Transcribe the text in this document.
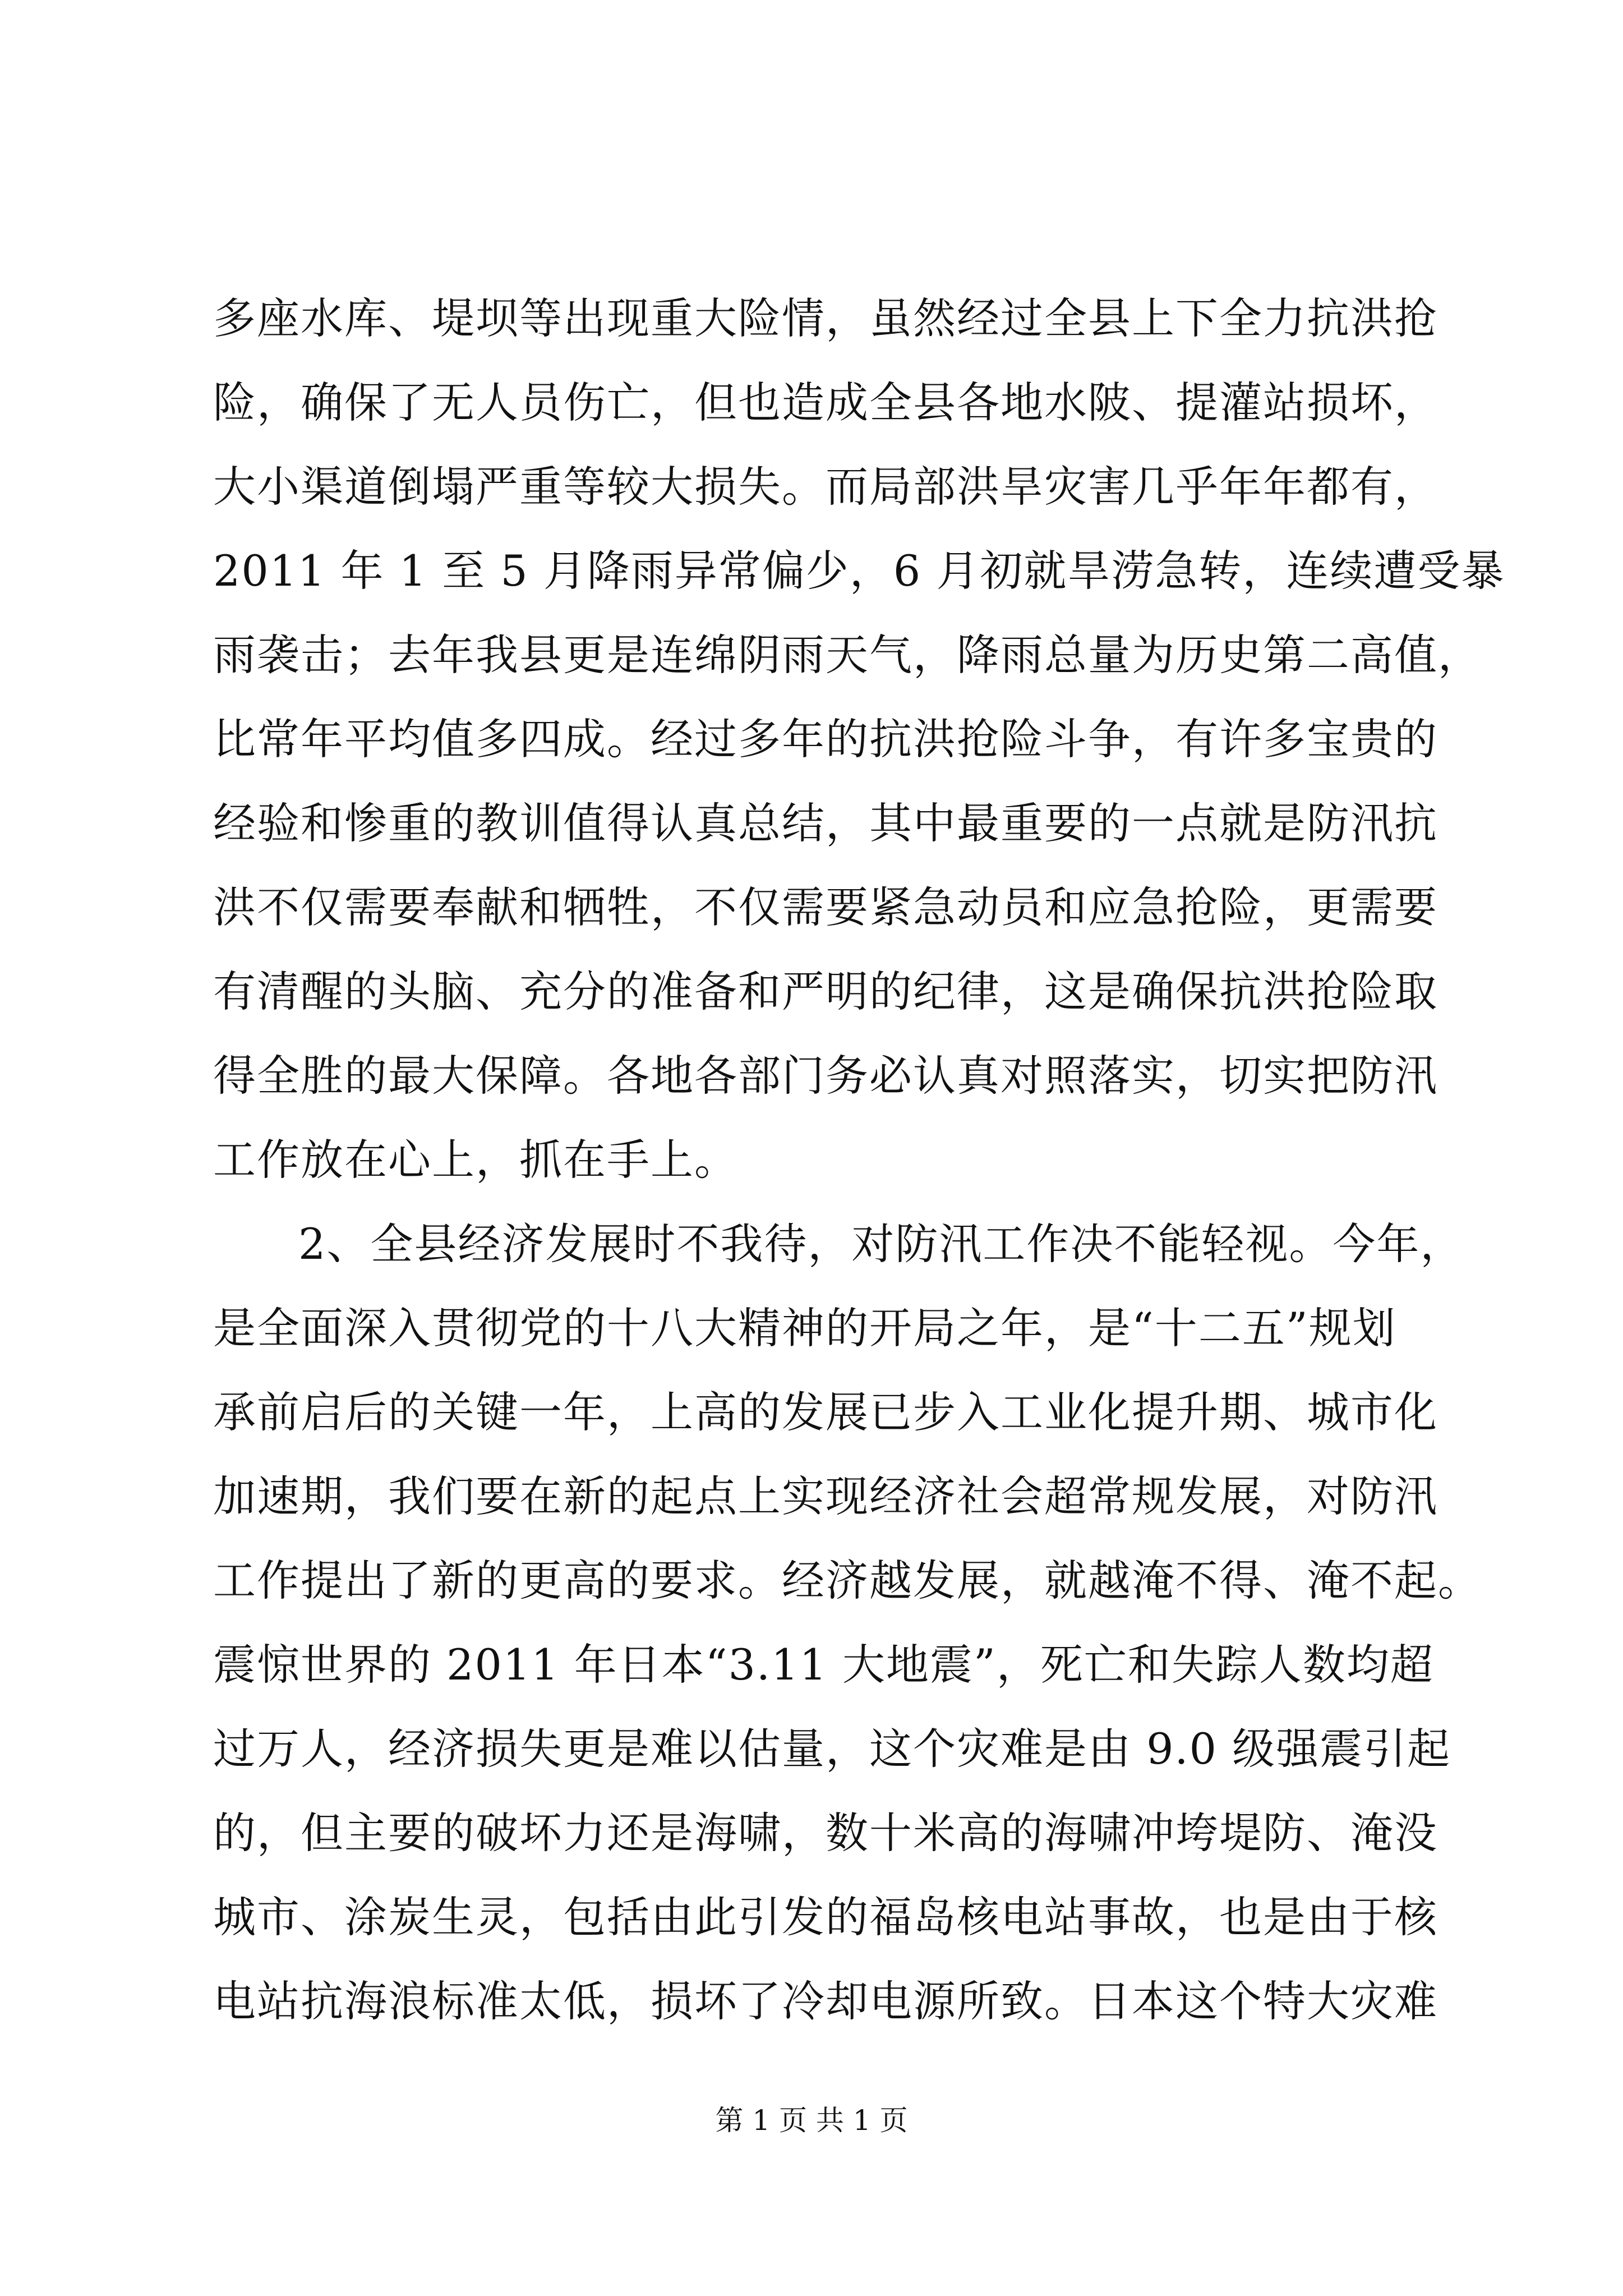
多座水库、堤坝等出现重大险情，虽然经过全县上下全力抗洪抢
险，确保了无人员伤亡，但也造成全县各地水陂、提灌站损坏，
大小渠道倒塌严重等较大损失。而局部洪旱灾害几乎年年都有，
2011 年 1 至 5 月降雨异常偏少，6 月初就旱涝急转，连续遭受暴
雨袭击；去年我县更是连绵阴雨天气，降雨总量为历史第二高值，
比常年平均值多四成。经过多年的抗洪抢险斗争，有许多宝贵的
经验和惨重的教训值得认真总结，其中最重要的一点就是防汛抗
洪不仅需要奉献和牺牲，不仅需要紧急动员和应急抢险，更需要
有清醒的头脑、充分的准备和严明的纪律，这是确保抗洪抢险取
得全胜的最大保障。各地各部门务必认真对照落实，切实把防汛
工作放在心上，抓在手上。
2、全县经济发展时不我待，对防汛工作决不能轻视。今年，
是全面深入贯彻党的十八大精神的开局之年，是“十二五”规划
承前启后的关键一年，上高的发展已步入工业化提升期、城市化
加速期，我们要在新的起点上实现经济社会超常规发展，对防汛
工作提出了新的更高的要求。经济越发展，就越淹不得、淹不起。
震惊世界的 2011 年日本“3.11 大地震”，死亡和失踪人数均超
过万人，经济损失更是难以估量，这个灾难是由 9.0 级强震引起
的，但主要的破坏力还是海啸，数十米高的海啸冲垮堤防、淹没
城市、涂炭生灵，包括由此引发的福岛核电站事故，也是由于核
电站抗海浪标准太低，损坏了冷却电源所致。日本这个特大灾难
第 1 页 共 1 页
